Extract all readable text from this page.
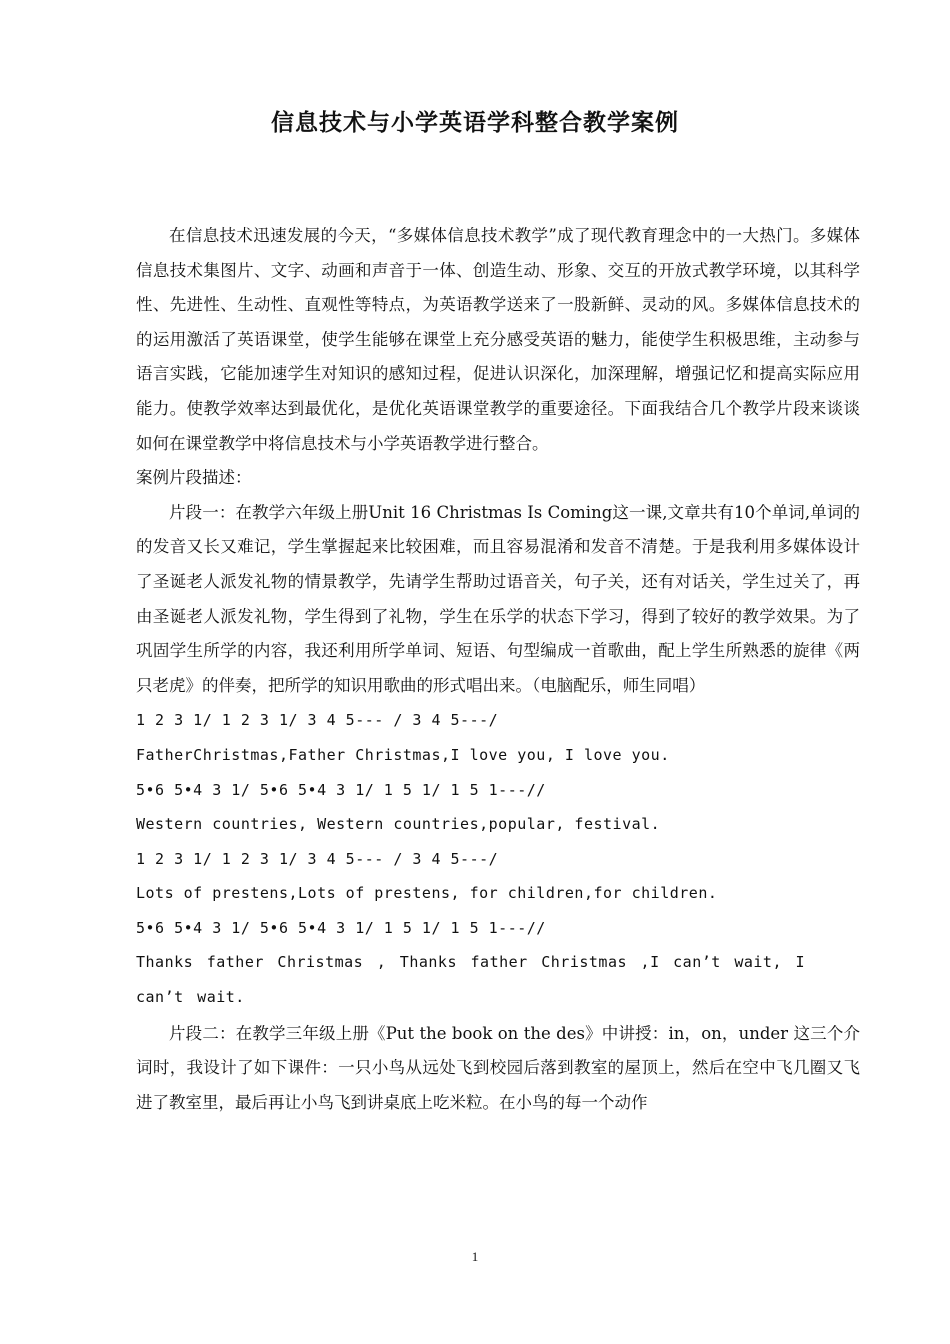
信息技术与小学英语学科整合教学案例

在信息技术迅速发展的今天，“多媒体信息技术教学”成了现代教育理念中的一大热门。多媒体信息技术集图片、文字、动画和声音于一体、创造生动、形象、交互的开放式教学环境，以其科学性、先进性、生动性、直观性等特点，为英语教学送来了一股新鲜、灵动的风。多媒体信息技术的的运用激活了英语课堂，使学生能够在课堂上充分感受英语的魅力，能使学生积极思维，主动参与语言实践，它能加速学生对知识的感知过程，促进认识深化，加深理解，增强记忆和提高实际应用能力。使教学效率达到最优化，是优化英语课堂教学的重要途径。下面我结合几个教学片段来谈谈如何在课堂教学中将信息技术与小学英语教学进行整合。

案例片段描述：

片段一：在教学六年级上册Unit 16 Christmas Is Coming这一课,文章共有10个单词,单词的的发音又长又难记，学生掌握起来比较困难，而且容易混淆和发音不清楚。于是我利用多媒体设计了圣诞老人派发礼物的情景教学，先请学生帮助过语音关，句子关，还有对话关，学生过关了，再由圣诞老人派发礼物，学生得到了礼物，学生在乐学的状态下学习，得到了较好的教学效果。为了巩固学生所学的内容，我还利用所学单词、短语、句型编成一首歌曲，配上学生所熟悉的旋律《两只老虎》的伴奏，把所学的知识用歌曲的形式唱出来。（电脑配乐，师生同唱）

1 2 3 1/ 1 2 3 1/ 3 4 5--- / 3 4 5---/

FatherChristmas,Father Christmas,I love you, I love you.

5•6 5•4 3 1/ 5•6 5•4 3 1/ 1 5 1/ 1 5 1---//

Western countries, Western countries,popular, festival.

1 2 3 1/ 1 2 3 1/ 3 4 5--- / 3 4 5---/

Lots of prestens,Lots of prestens, for children,for children.

5•6 5•4 3 1/ 5•6 5•4 3 1/ 1 5 1/ 1 5 1---//

Thanks father Christmas , Thanks father Christmas ,I can’t wait, I can’t wait.

片段二：在教学三年级上册《Put the book on the des》中讲授：in，on，under 这三个介词时，我设计了如下课件：一只小鸟从远处飞到校园后落到教室的屋顶上，然后在空中飞几圈又飞进了教室里，最后再让小鸟飞到讲桌底上吃米粒。在小鸟的每一个动作

1
